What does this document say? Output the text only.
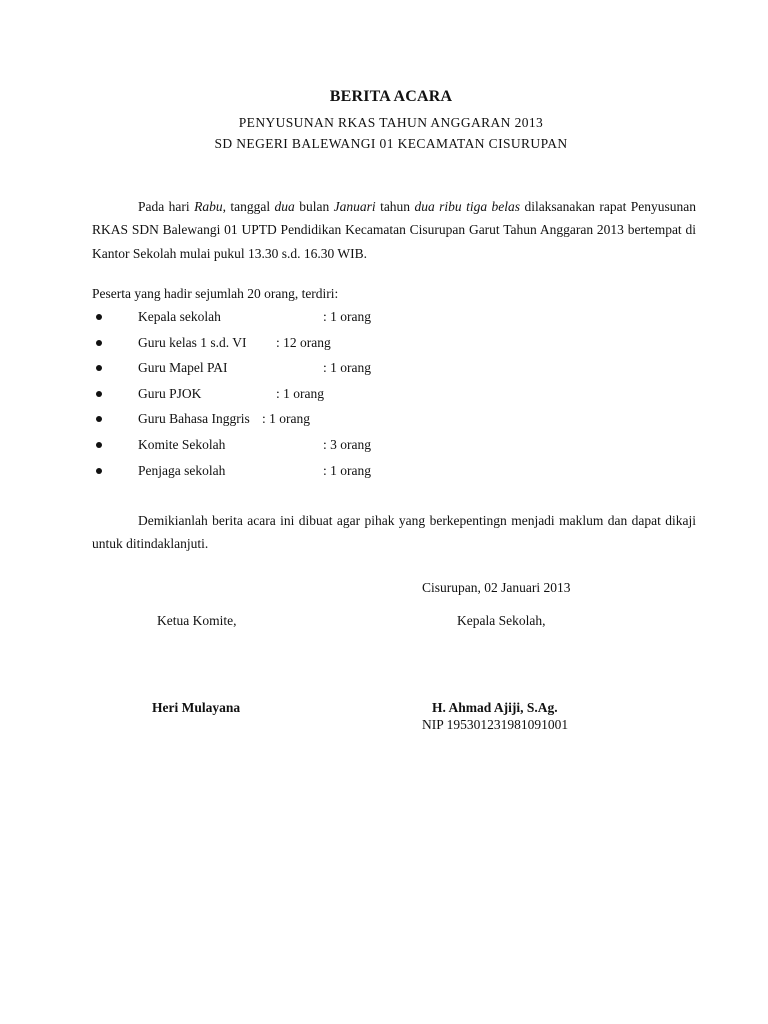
BERITA ACARA
PENYUSUNAN RKAS TAHUN ANGGARAN 2013
SD NEGERI BALEWANGI 01 KECAMATAN CISURUPAN
Pada hari Rabu, tanggal dua bulan Januari tahun dua ribu tiga belas dilaksanakan rapat Penyusunan RKAS SDN Balewangi 01 UPTD Pendidikan Kecamatan Cisurupan Garut Tahun Anggaran 2013 bertempat di Kantor Sekolah mulai pukul 13.30 s.d. 16.30 WIB.
Peserta yang hadir sejumlah 20 orang, terdiri:
Kepala sekolah	: 1 orang
Guru kelas 1 s.d. VI : 12 orang
Guru Mapel PAI	: 1 orang
Guru PJOK	: 1 orang
Guru Bahasa Inggris : 1 orang
Komite Sekolah	: 3 orang
Penjaga sekolah	: 1 orang
Demikianlah berita acara ini dibuat agar pihak yang berkepentingn menjadi maklum dan dapat dikaji untuk ditindaklanjuti.
Cisurupan, 02 Januari 2013
Ketua Komite,	Kepala Sekolah,
Heri Mulayana	H. Ahmad Ajiji, S.Ag.
NIP 195301231981091001
